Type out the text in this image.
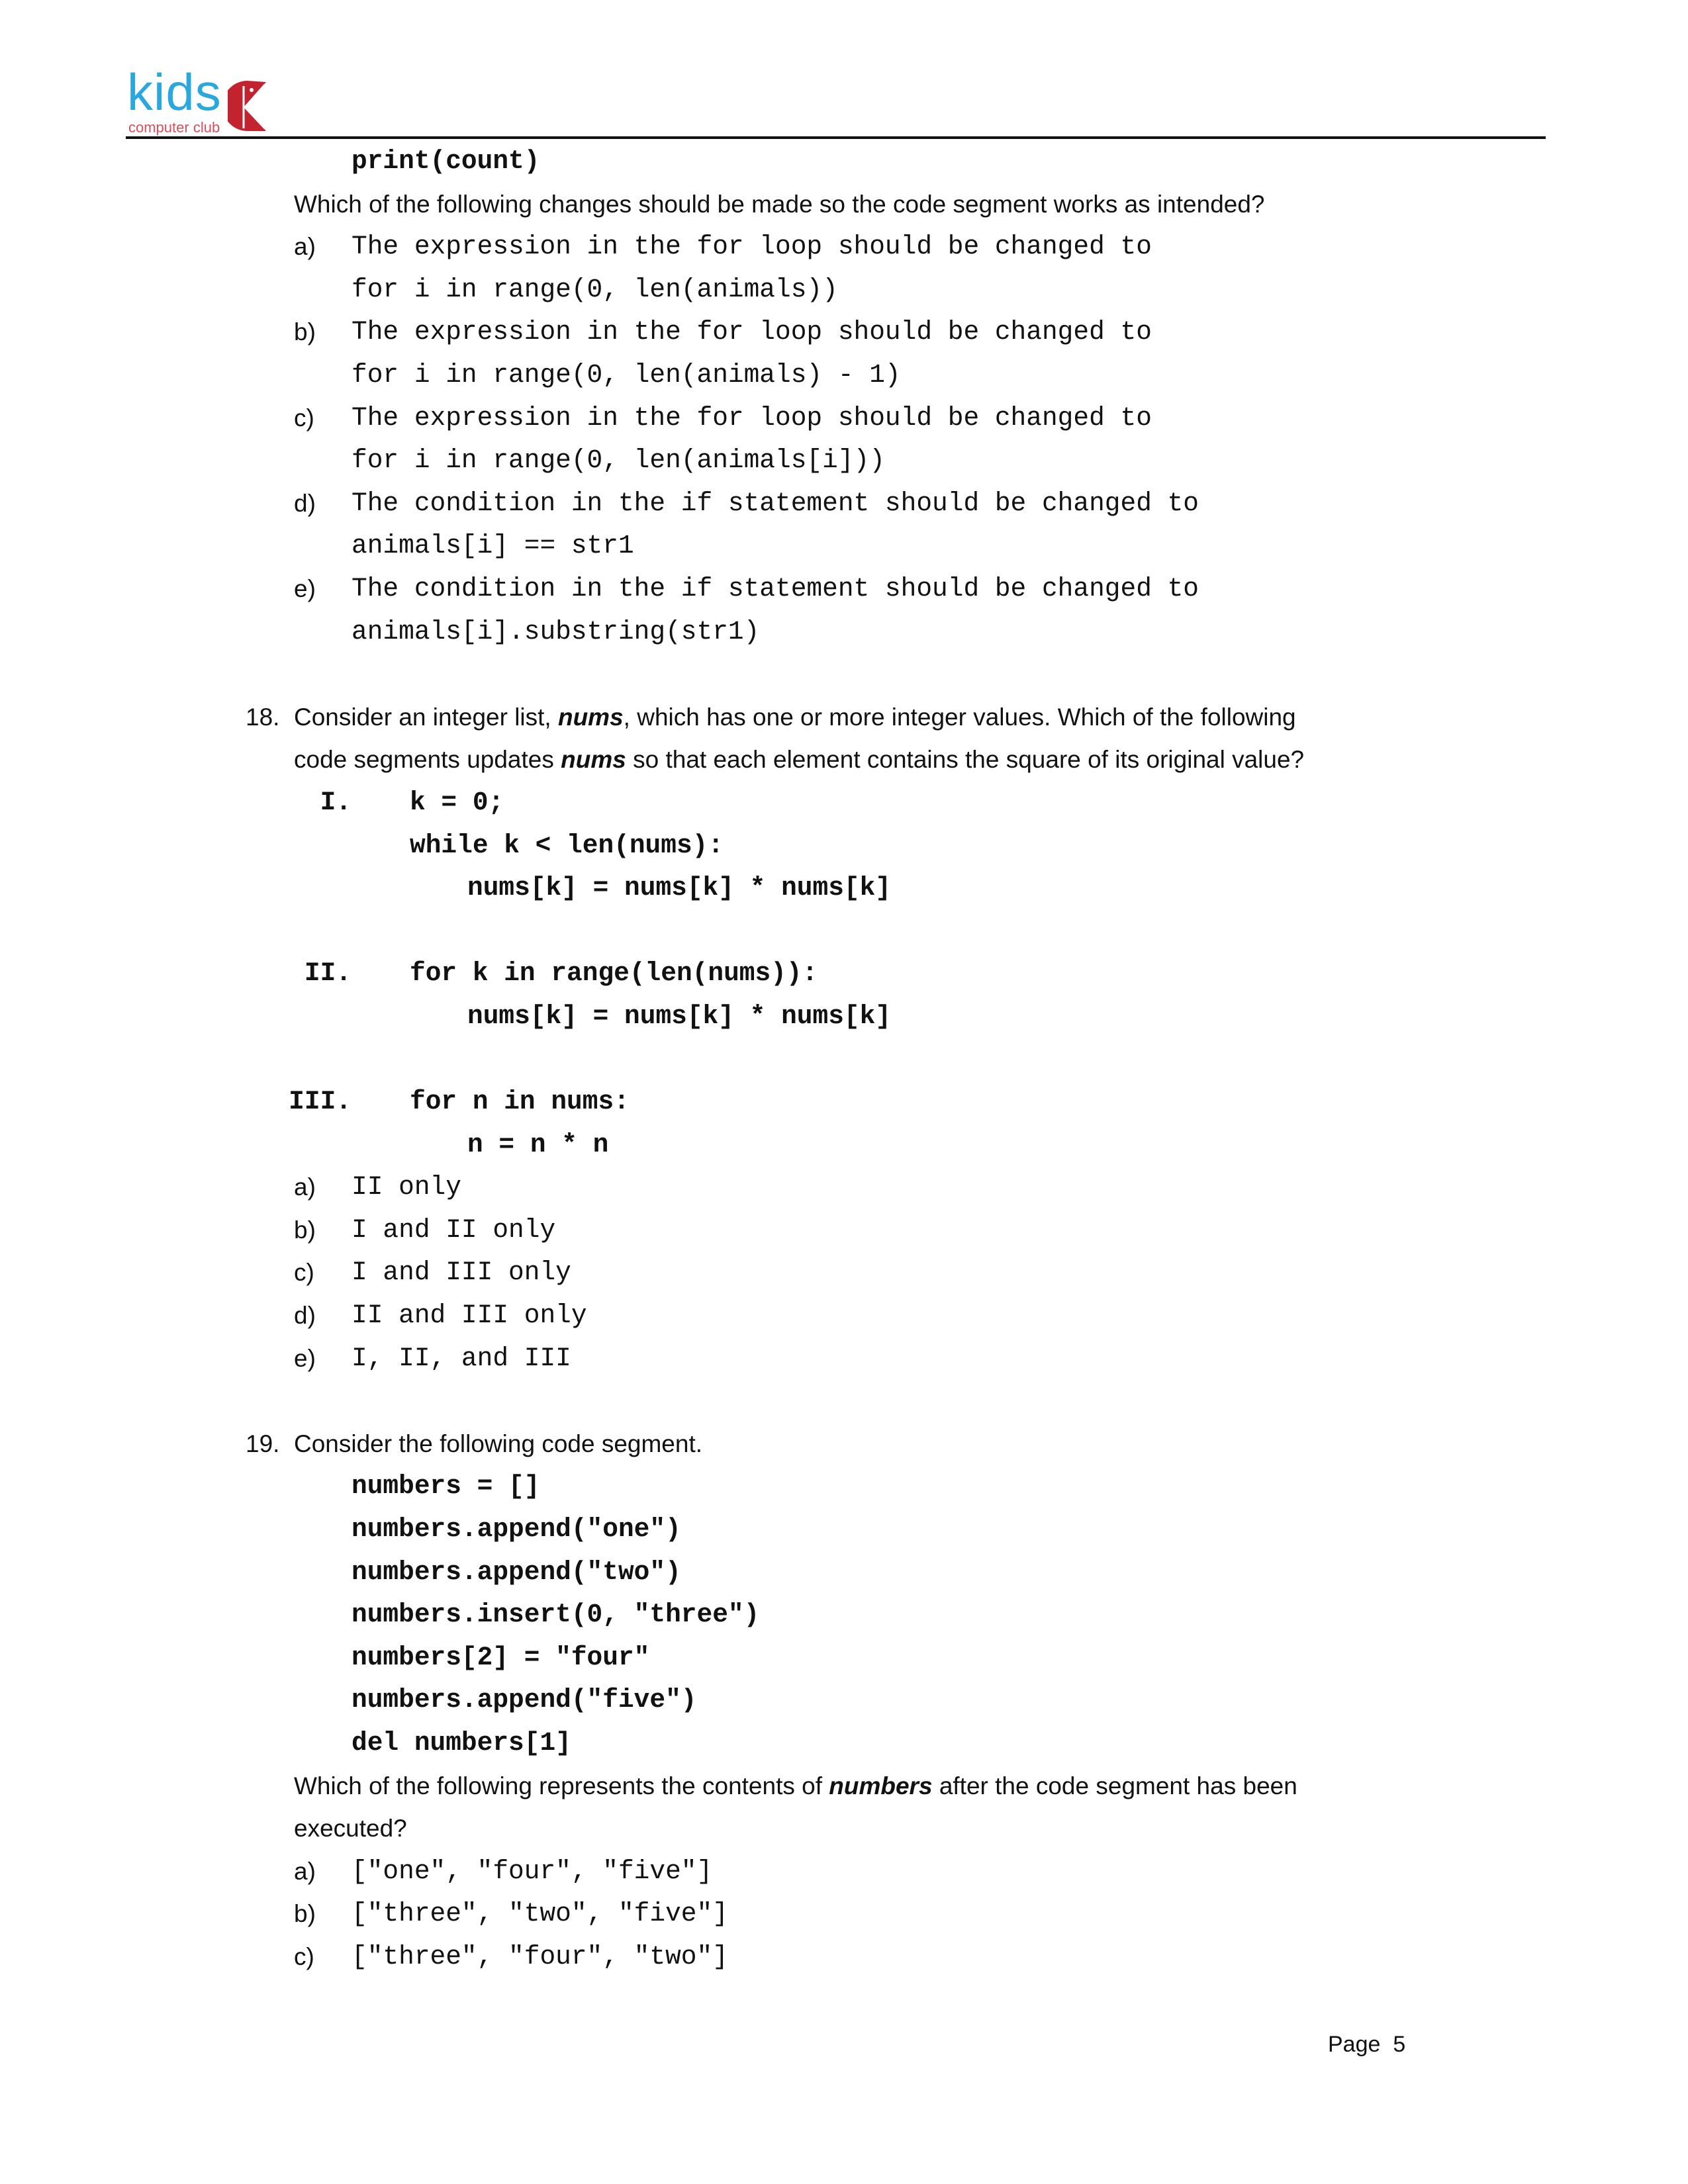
kids
computer club
print(count)
Which of the following changes should be made so the code segment works as intended?
a) The expression in the for loop should be changed to
for i in range(0, len(animals))
b) The expression in the for loop should be changed to
for i in range(0, len(animals) - 1)
c) The expression in the for loop should be changed to
for i in range(0, len(animals[i]))
d) The condition in the if statement should be changed to
animals[i] == str1
e) The condition in the if statement should be changed to
animals[i].substring(str1)
18. Consider an integer list, nums, which has one or more integer values. Which of the following
code segments updates nums so that each element contains the square of its original value?
I. k = 0;
while k < len(nums):
nums[k] = nums[k] * nums[k]
II. for k in range(len(nums)):
nums[k] = nums[k] * nums[k]
III. for n in nums:
n = n * n
a) II only
b) I and II only
c) I and III only
d) II and III only
e) I, II, and III
19. Consider the following code segment.
numbers = []
numbers.append("one")
numbers.append("two")
numbers.insert(0, "three")
numbers[2] = "four"
numbers.append("five")
del numbers[1]
Which of the following represents the contents of numbers after the code segment has been
executed?
a) ["one", "four", "five"]
b) ["three", "two", "five"]
c) ["three", "four", "two"]
Page 5
